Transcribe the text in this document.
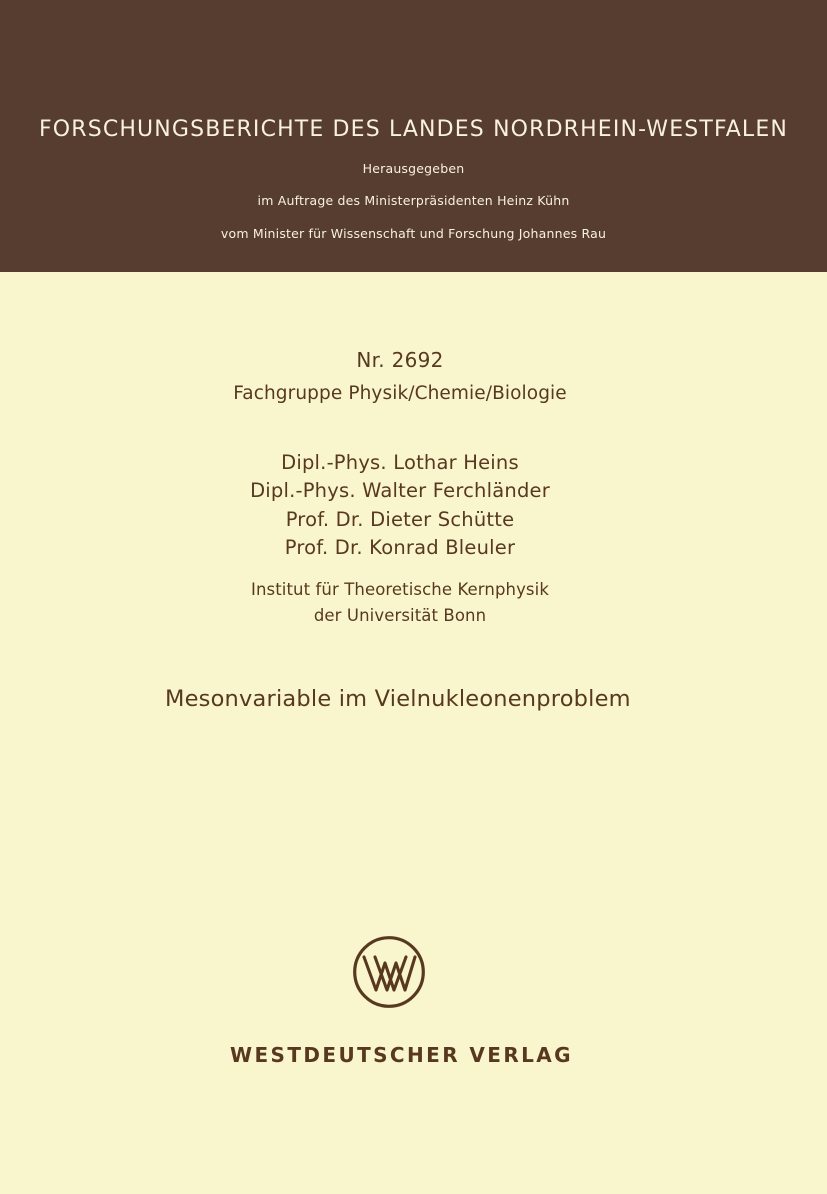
FORSCHUNGSBERICHTE DES LANDES NORDRHEIN-WESTFALEN
Herausgegeben
im Auftrage des Ministerpräsidenten Heinz Kühn
vom Minister für Wissenschaft und Forschung Johannes Rau
Nr. 2692
Fachgruppe Physik/Chemie/Biologie
Dipl.-Phys. Lothar Heins
Dipl.-Phys. Walter Ferchländer
Prof. Dr. Dieter Schütte
Prof. Dr. Konrad Bleuler
Institut für Theoretische Kernphysik
der Universität Bonn
Mesonvariable im Vielnukleonenproblem
WESTDEUTSCHER VERLAG
